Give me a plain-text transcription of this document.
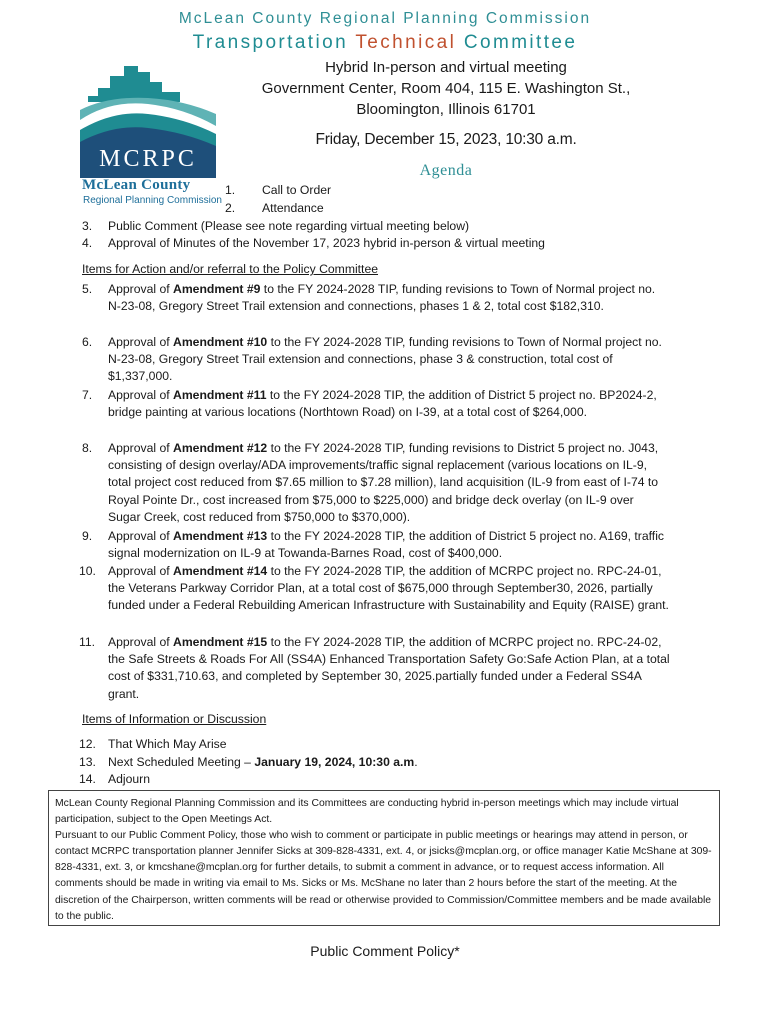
McLean County Regional Planning Commission
Transportation Technical Committee
MCRPC
McLean County
Regional Planning Commission
Hybrid In-person and virtual meeting
Government Center, Room 404, 115 E. Washington St.,
Bloomington, Illinois 61701
Friday, December 15, 2023, 10:30 a.m.
Agenda
1. Call to Order
2. Attendance
3. Public Comment (Please see note regarding virtual meeting below)
4. Approval of Minutes of the November 17, 2023 hybrid in-person & virtual meeting
Items for Action and/or referral to the Policy Committee
5. Approval of Amendment #9 to the FY 2024-2028 TIP, funding revisions to Town of Normal project no. N-23-08, Gregory Street Trail extension and connections, phases 1 & 2, total cost $182,310.
6. Approval of Amendment #10 to the FY 2024-2028 TIP, funding revisions to Town of Normal project no. N-23-08, Gregory Street Trail extension and connections, phase 3 & construction, total cost of $1,337,000.
7. Approval of Amendment #11 to the FY 2024-2028 TIP, the addition of District 5 project no. BP2024-2, bridge painting at various locations (Northtown Road) on I-39, at a total cost of $264,000.
8. Approval of Amendment #12 to the FY 2024-2028 TIP, funding revisions to District 5 project no. J043, consisting of design overlay/ADA improvements/traffic signal replacement (various locations on IL-9, total project cost reduced from $7.65 million to $7.28 million), land acquisition (IL-9 from east of I-74 to Royal Pointe Dr., cost increased from $75,000 to $225,000) and bridge deck overlay (on IL-9 over Sugar Creek, cost reduced from $750,000 to $370,000).
9. Approval of Amendment #13 to the FY 2024-2028 TIP, the addition of District 5 project no. A169, traffic signal modernization on IL-9 at Towanda-Barnes Road, cost of $400,000.
10. Approval of Amendment #14 to the FY 2024-2028 TIP, the addition of MCRPC project no. RPC-24-01, the Veterans Parkway Corridor Plan, at a total cost of $675,000 through September30, 2026, partially funded under a Federal Rebuilding American Infrastructure with Sustainability and Equity (RAISE) grant.
11. Approval of Amendment #15 to the FY 2024-2028 TIP, the addition of MCRPC project no. RPC-24-02, the Safe Streets & Roads For All (SS4A) Enhanced Transportation Safety Go:Safe Action Plan, at a total cost of $331,710.63, and completed by September 30, 2025.partially funded under a Federal SS4A grant.
Items of Information or Discussion
12. That Which May Arise
13. Next Scheduled Meeting – January 19, 2024, 10:30 a.m.
14. Adjourn
McLean County Regional Planning Commission and its Committees are conducting hybrid in-person meetings which may include virtual participation, subject to the Open Meetings Act.
Pursuant to our Public Comment Policy, those who wish to comment or participate in public meetings or hearings may attend in person, or contact MCRPC transportation planner Jennifer Sicks at 309-828-4331, ext. 4, or jsicks@mcplan.org, or office manager Katie McShane at 309-828-4331, ext. 3, or kmcshane@mcplan.org for further details, to submit a comment in advance, or to request access information. All comments should be made in writing via email to Ms. Sicks or Ms. McShane no later than 2 hours before the start of the meeting. At the discretion of the Chairperson, written comments will be read or otherwise provided to Commission/Committee members and be made available to the public.
Public Comment Policy*
